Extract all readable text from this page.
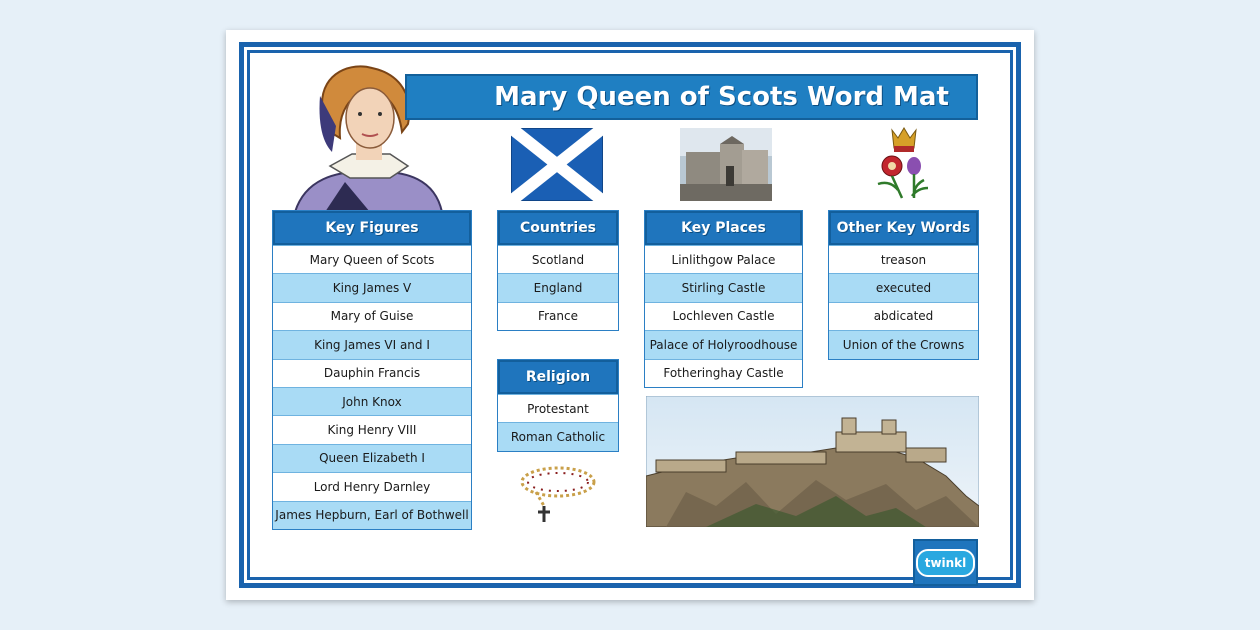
Mary Queen of Scots Word Mat
Key Figures
Mary Queen of Scots
King James V
Mary of Guise
King James VI and I
Dauphin Francis
John Knox
King Henry VIII
Queen Elizabeth I
Lord Henry Darnley
James Hepburn, Earl of Bothwell
Countries
Scotland
England
France
Religion
Protestant
Roman Catholic
Key Places
Linlithgow Palace
Stirling Castle
Lochleven Castle
Palace of Holyroodhouse
Fotheringhay Castle
Other Key Words
treason
executed
abdicated
Union of the Crowns
twinkl
